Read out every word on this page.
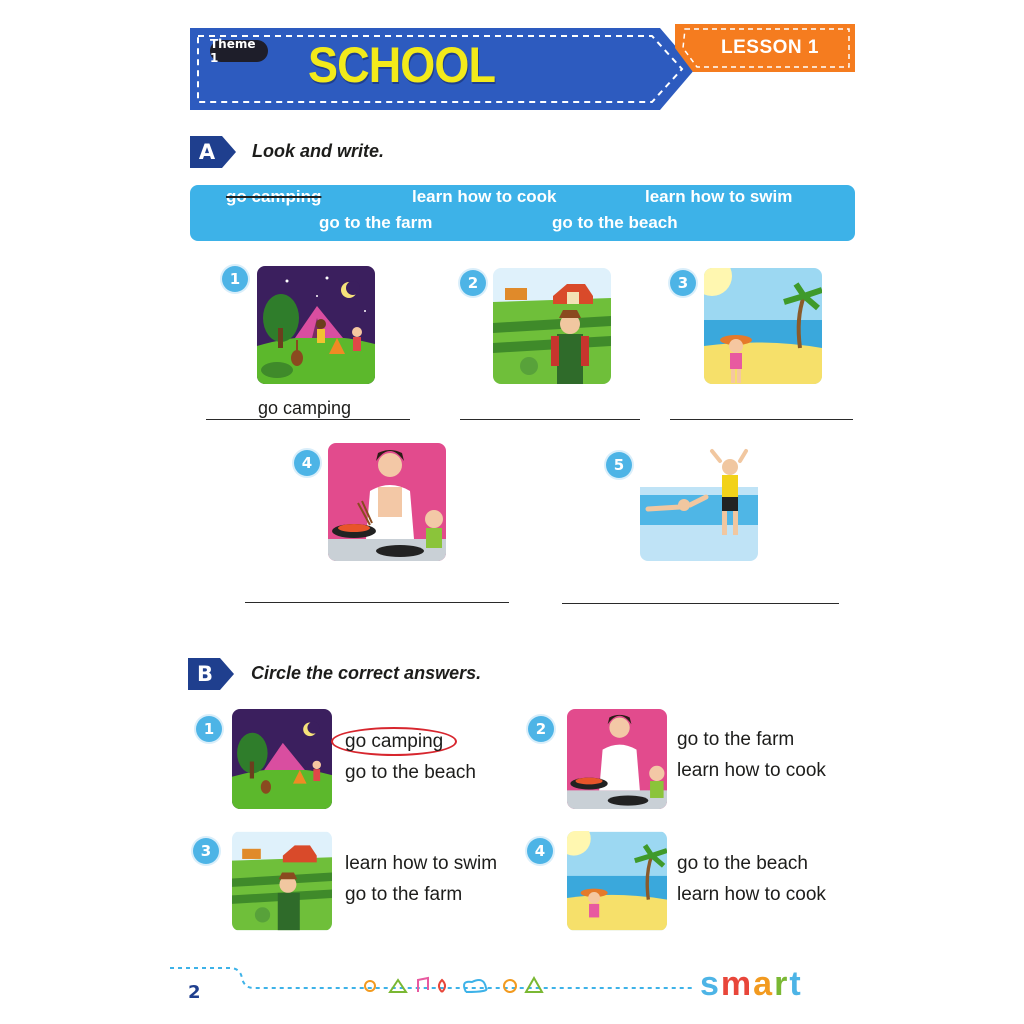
Theme 1	SCHOOL	LESSON 1
A	Look and write.
go camping	learn how to cook	learn how to swim
go to the farm	go to the beach
1
go camping
2	3
4	5
B	Circle the correct answers.
1
go camping
go to the beach
2	go to the farm
learn how to cook
3
learn how to swim
go to the farm
4
go to the beach
learn how to cook
2	smart
